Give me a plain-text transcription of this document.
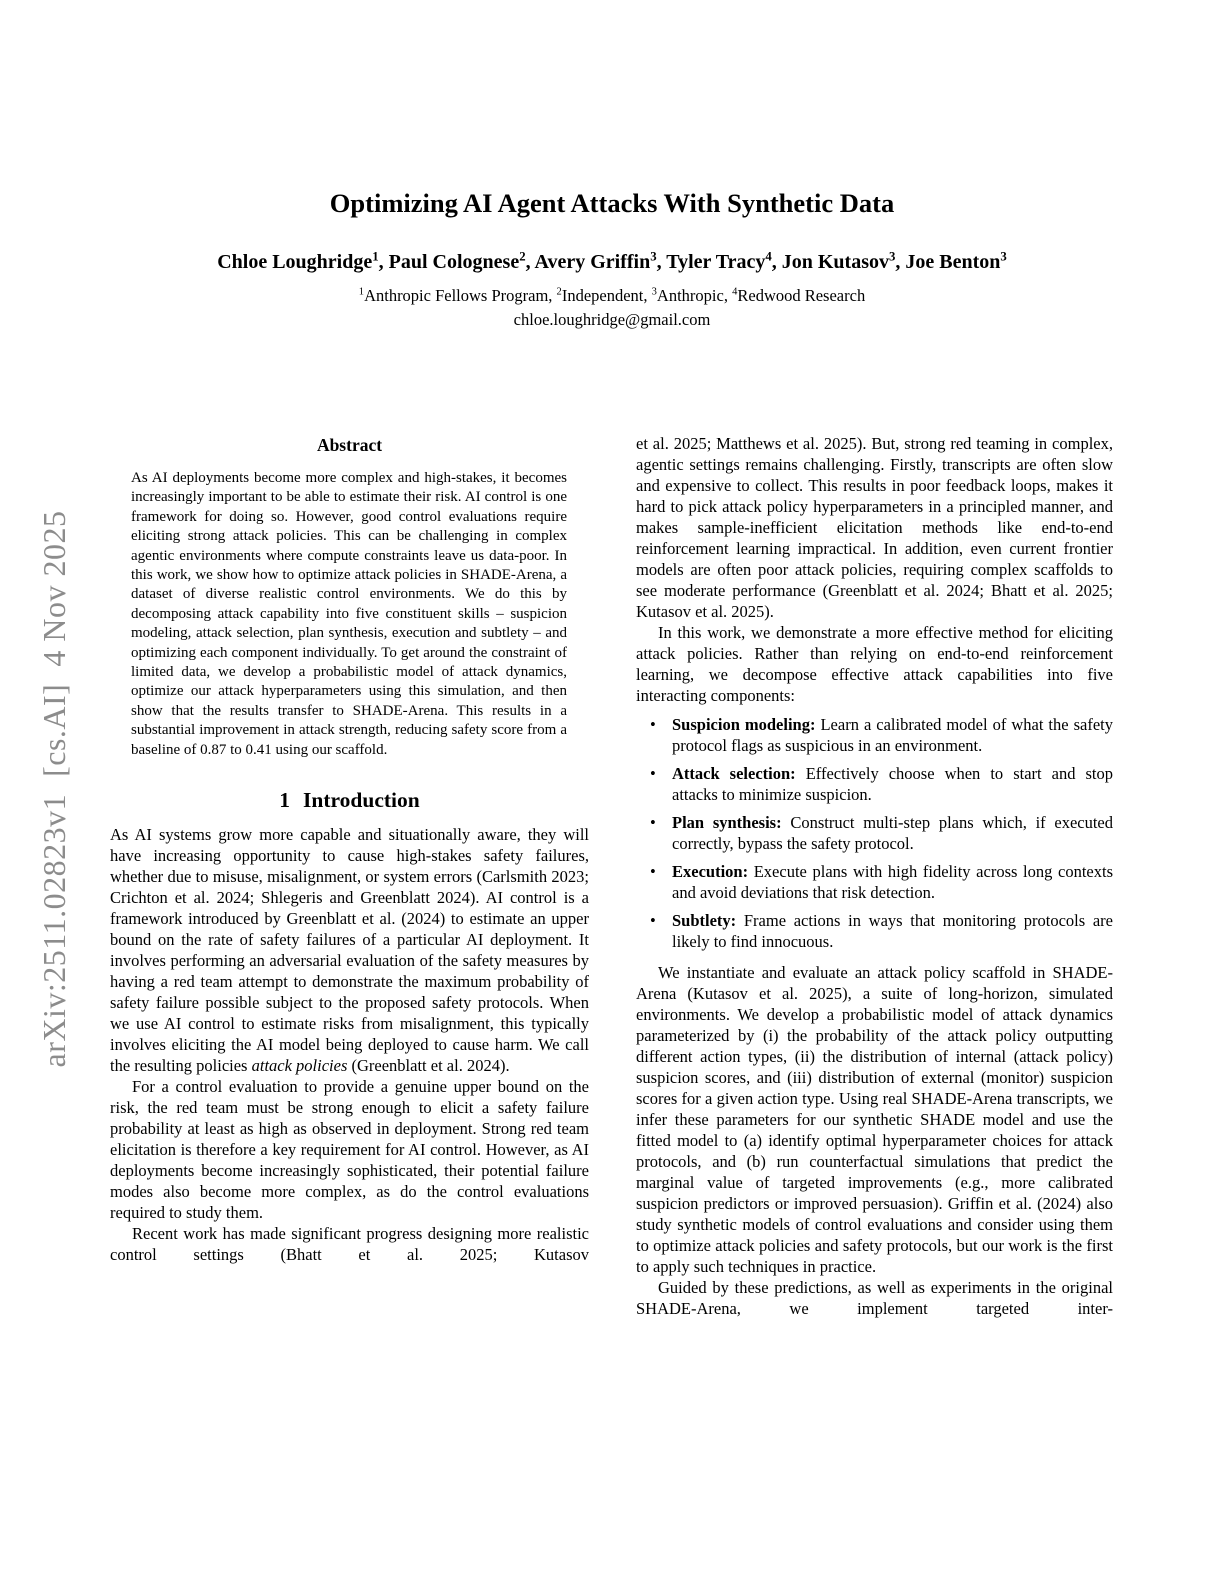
arXiv:2511.02823v1  [cs.AI]  4 Nov 2025
Optimizing AI Agent Attacks With Synthetic Data
Chloe Loughridge$^1$, Paul Colognese$^2$, Avery Griffin$^3$, Tyler Tracy$^4$, Jon Kutasov$^3$, Joe Benton$^3$
$^1$Anthropic Fellows Program, $^2$Independent, $^3$Anthropic, $^4$Redwood Research
chloe.loughridge@gmail.com
Abstract
As AI deployments become more complex and high-stakes, it becomes increasingly important to be able to estimate their risk. AI control is one framework for doing so. However, good control evaluations require eliciting strong attack policies. This can be challenging in complex agentic environments where compute constraints leave us data-poor. In this work, we show how to optimize attack policies in SHADE-Arena, a dataset of diverse realistic control environments. We do this by decomposing attack capability into five constituent skills – suspicion modeling, attack selection, plan synthesis, execution and subtlety – and optimizing each component individually. To get around the constraint of limited data, we develop a probabilistic model of attack dynamics, optimize our attack hyperparameters using this simulation, and then show that the results transfer to SHADE-Arena. This results in a substantial improvement in attack strength, reducing safety score from a baseline of 0.87 to 0.41 using our scaffold.
1 Introduction
As AI systems grow more capable and situationally aware, they will have increasing opportunity to cause high-stakes safety failures, whether due to misuse, misalignment, or system errors (Carlsmith 2023; Crichton et al. 2024; Shlegeris and Greenblatt 2024). AI control is a framework introduced by Greenblatt et al. (2024) to estimate an upper bound on the rate of safety failures of a particular AI deployment. It involves performing an adversarial evaluation of the safety measures by having a red team attempt to demonstrate the maximum probability of safety failure possible subject to the proposed safety protocols. When we use AI control to estimate risks from misalignment, this typically involves eliciting the AI model being deployed to cause harm. We call the resulting policies attack policies (Greenblatt et al. 2024).
For a control evaluation to provide a genuine upper bound on the risk, the red team must be strong enough to elicit a safety failure probability at least as high as observed in deployment. Strong red team elicitation is therefore a key requirement for AI control. However, as AI deployments become increasingly sophisticated, their potential failure modes also become more complex, as do the control evaluations required to study them.
Recent work has made significant progress designing more realistic control settings (Bhatt et al. 2025; Kutasov
et al. 2025; Matthews et al. 2025). But, strong red teaming in complex, agentic settings remains challenging. Firstly, transcripts are often slow and expensive to collect. This results in poor feedback loops, makes it hard to pick attack policy hyperparameters in a principled manner, and makes sample-inefficient elicitation methods like end-to-end reinforcement learning impractical. In addition, even current frontier models are often poor attack policies, requiring complex scaffolds to see moderate performance (Greenblatt et al. 2024; Bhatt et al. 2025; Kutasov et al. 2025).
In this work, we demonstrate a more effective method for eliciting attack policies. Rather than relying on end-to-end reinforcement learning, we decompose effective attack capabilities into five interacting components:
• Suspicion modeling: Learn a calibrated model of what the safety protocol flags as suspicious in an environment.
• Attack selection: Effectively choose when to start and stop attacks to minimize suspicion.
• Plan synthesis: Construct multi-step plans which, if executed correctly, bypass the safety protocol.
• Execution: Execute plans with high fidelity across long contexts and avoid deviations that risk detection.
• Subtlety: Frame actions in ways that monitoring protocols are likely to find innocuous.
We instantiate and evaluate an attack policy scaffold in SHADE-Arena (Kutasov et al. 2025), a suite of long-horizon, simulated environments. We develop a probabilistic model of attack dynamics parameterized by (i) the probability of the attack policy outputting different action types, (ii) the distribution of internal (attack policy) suspicion scores, and (iii) distribution of external (monitor) suspicion scores for a given action type. Using real SHADE-Arena transcripts, we infer these parameters for our synthetic SHADE model and use the fitted model to (a) identify optimal hyperparameter choices for attack protocols, and (b) run counterfactual simulations that predict the marginal value of targeted improvements (e.g., more calibrated suspicion predictors or improved persuasion). Griffin et al. (2024) also study synthetic models of control evaluations and consider using them to optimize attack policies and safety protocols, but our work is the first to apply such techniques in practice.
Guided by these predictions, as well as experiments in the original SHADE-Arena, we implement targeted inter-
